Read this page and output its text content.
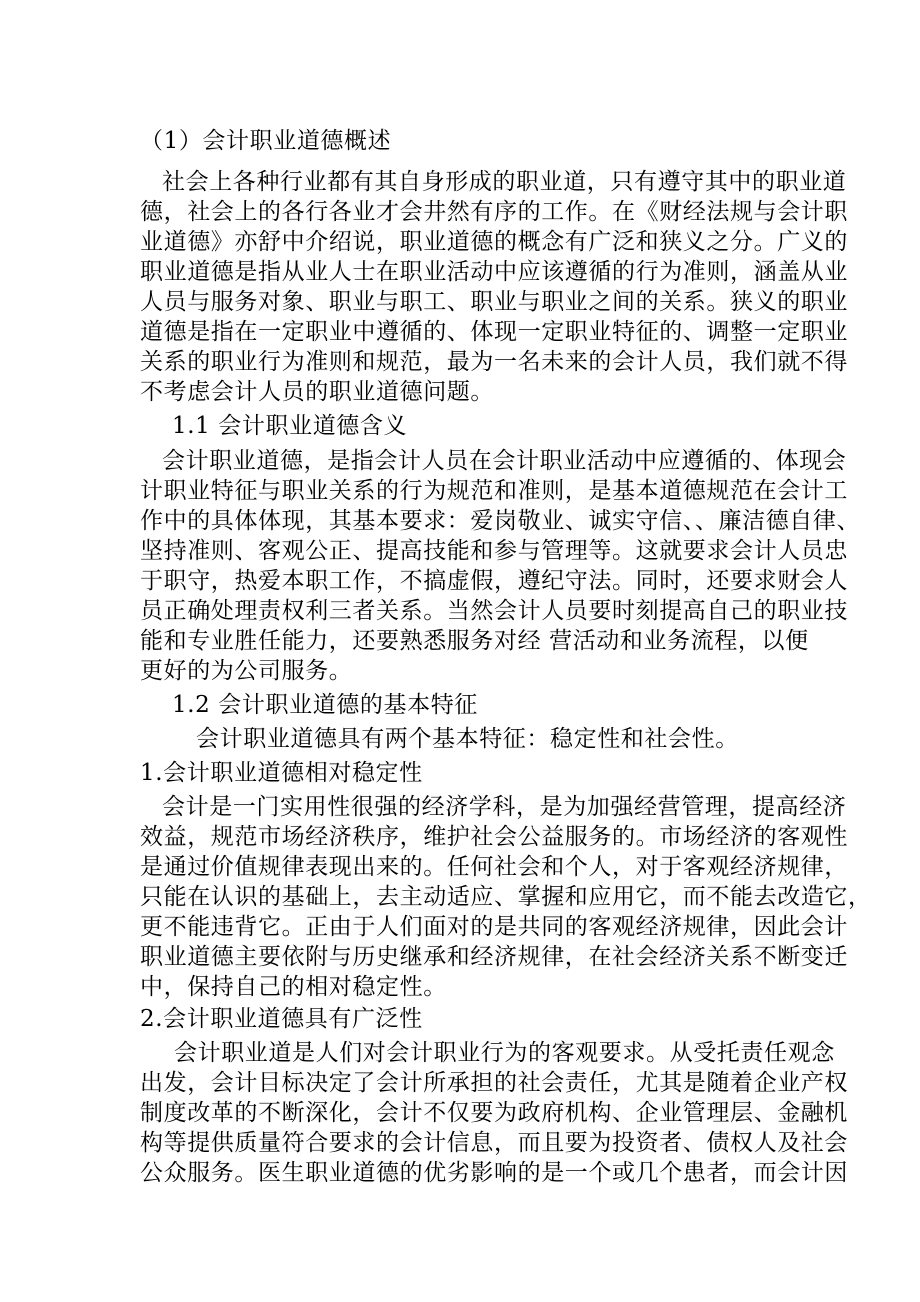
（1）会计职业道德概述
社会上各种行业都有其自身形成的职业道，只有遵守其中的职业道
德，社会上的各行各业才会井然有序的工作。在《财经法规与会计职
业道德》亦舒中介绍说，职业道德的概念有广泛和狭义之分。广义的
职业道德是指从业人士在职业活动中应该遵循的行为准则，涵盖从业
人员与服务对象、职业与职工、职业与职业之间的关系。狭义的职业
道德是指在一定职业中遵循的、体现一定职业特征的、调整一定职业
关系的职业行为准则和规范，最为一名未来的会计人员，我们就不得
不考虑会计人员的职业道德问题。
1.1 会计职业道德含义
会计职业道德，是指会计人员在会计职业活动中应遵循的、体现会
计职业特征与职业关系的行为规范和准则，是基本道德规范在会计工
作中的具体体现，其基本要求：爱岗敬业、诚实守信、、廉洁德自律、
坚持准则、客观公正、提高技能和参与管理等。这就要求会计人员忠
于职守，热爱本职工作，不搞虚假，遵纪守法。同时，还要求财会人
员正确处理责权利三者关系。当然会计人员要时刻提高自己的职业技
能和专业胜任能力，还要熟悉服务对经 营活动和业务流程，以便
更好的为公司服务。
1.2 会计职业道德的基本特征
会计职业道德具有两个基本特征：稳定性和社会性。
1.会计职业道德相对稳定性
会计是一门实用性很强的经济学科，是为加强经营管理，提高经济
效益，规范市场经济秩序，维护社会公益服务的。市场经济的客观性
是通过价值规律表现出来的。任何社会和个人，对于客观经济规律，
只能在认识的基础上，去主动适应、掌握和应用它，而不能去改造它，
更不能违背它。正由于人们面对的是共同的客观经济规律，因此会计
职业道德主要依附与历史继承和经济规律，在社会经济关系不断变迁
中，保持自己的相对稳定性。
2.会计职业道德具有广泛性
会计职业道是人们对会计职业行为的客观要求。从受托责任观念
出发，会计目标决定了会计所承担的社会责任，尤其是随着企业产权
制度改革的不断深化，会计不仅要为政府机构、企业管理层、金融机
构等提供质量符合要求的会计信息，而且要为投资者、债权人及社会
公众服务。医生职业道德的优劣影响的是一个或几个患者，而会计因
